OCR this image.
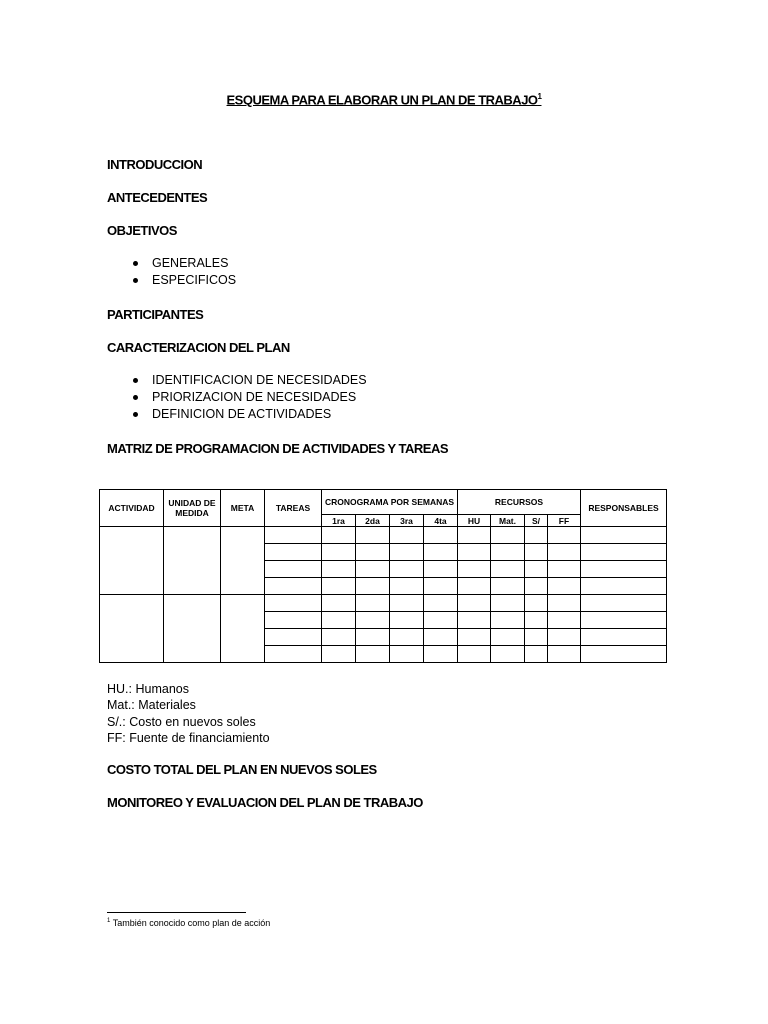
ESQUEMA PARA ELABORAR UN PLAN DE TRABAJO$^1$
INTRODUCCION
ANTECEDENTES
OBJETIVOS
GENERALES
ESPECIFICOS
PARTICIPANTES
CARACTERIZACION DEL PLAN
IDENTIFICACION DE NECESIDADES
PRIORIZACION DE NECESIDADES
DEFINICION DE ACTIVIDADES
MATRIZ DE PROGRAMACION DE ACTIVIDADES Y TAREAS
ACTIVIDAD	UNIDAD DE MEDIDA	META	TAREAS	CRONOGRAMA POR SEMANAS				RECURSOS				RESPONSABLES
				1ra	2da	3ra	4ta	HU	Mat.	S/	FF	

HU.: Humanos
Mat.: Materiales
S/.: Costo en nuevos soles
FF: Fuente de financiamiento
COSTO TOTAL DEL PLAN EN NUEVOS SOLES
MONITOREO Y EVALUACION DEL PLAN DE TRABAJO
$^1$ También conocido como plan de acción
